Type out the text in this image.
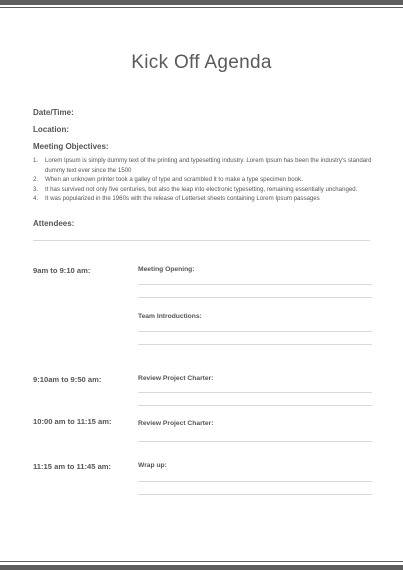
Kick Off Agenda
Date/Time:
Location:
Meeting Objectives:
1. Lorem Ipsum is simply dummy text of the printing and typesetting industry. Lorem Ipsum has been the industry's standard dummy text ever since the 1500
2. When an unknown printer took a galley of type and scrambled it to make a type specimen book.
3. It has survived not only five centuries, but also the leap into electronic typesetting, remaining essentially unchanged.
4. It was popularized in the 1960s with the release of Letterset sheets containing Lorem Ipsum passages
Attendees:
9am to 9:10 am:	Meeting Opening:
Team Introductions:
9:10am to 9:50 am:	Review Project Charter:
10:00 am to 11:15 am:	Review Project Charter:
11:15 am to 11:45 am:	Wrap up:
